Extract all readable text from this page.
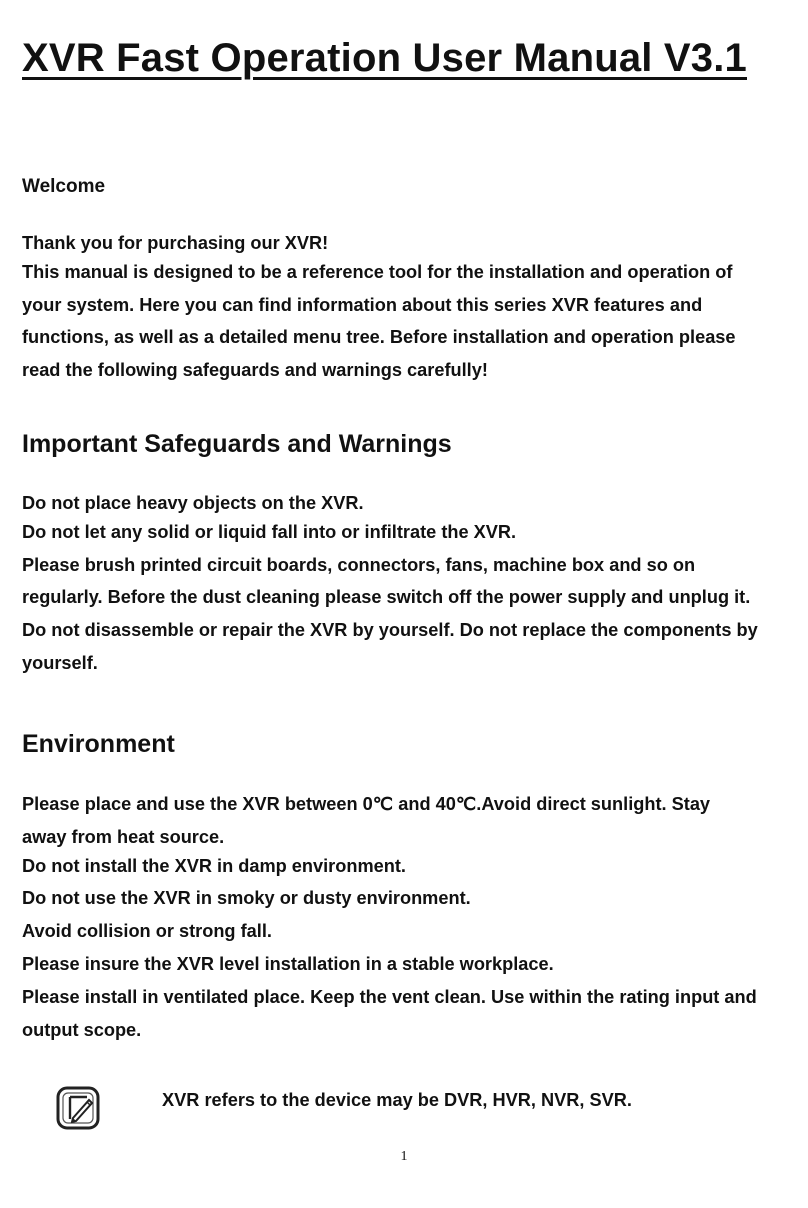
XVR Fast Operation User Manual V3.1
Welcome
Thank you for purchasing our XVR!
This manual is designed to be a reference tool for the installation and operation of
your system. Here you can find information about this series XVR features and
functions, as well as a detailed menu tree. Before installation and operation please
read the following safeguards and warnings carefully!
Important Safeguards and Warnings
Do not place heavy objects on the XVR.
Do not let any solid or liquid fall into or infiltrate the XVR.
Please brush printed circuit boards, connectors, fans, machine box and so on
regularly. Before the dust cleaning please switch off the power supply and unplug it.
Do not disassemble or repair the XVR by yourself. Do not replace the components by
yourself.
Environment
Please place and use the XVR between 0℃ and 40℃.Avoid direct sunlight. Stay
away from heat source.
Do not install the XVR in damp environment.
Do not use the XVR in smoky or dusty environment.
Avoid collision or strong fall.
Please insure the XVR level installation in a stable workplace.
Please install in ventilated place. Keep the vent clean. Use within the rating input and
output scope.
XVR refers to the device may be DVR, HVR, NVR, SVR.
1
